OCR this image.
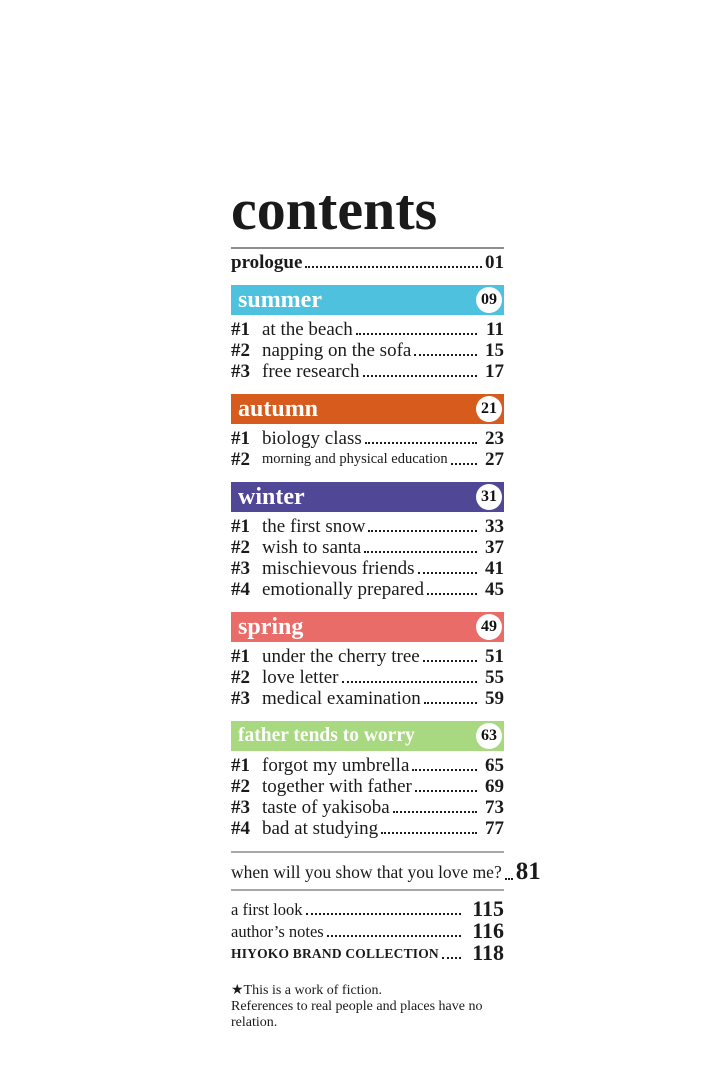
contents
prologue	01
summer	09
#1 at the beach	11
#2 napping on the sofa	15
#3 free research	17
autumn	21
#1 biology class	23
#2 morning and physical education 27
winter	31
#1 the first snow	33
#2 wish to santa	37
#3 mischievous friends	41
#4 emotionally prepared	45
spring	49
#1 under the cherry tree	51
#2 love letter	55
#3 medical examination	59
father tends to worry	63
#1 forgot my umbrella	65
#2 together with father	69
#3 taste of yakisoba	73
#4 bad at studying	77
when will you show that you love me? 81
a first look	115
author’s notes	116
HIYOKO BRAND COLLECTION	118
★This is a work of fiction.
References to real people and places have no relation.
